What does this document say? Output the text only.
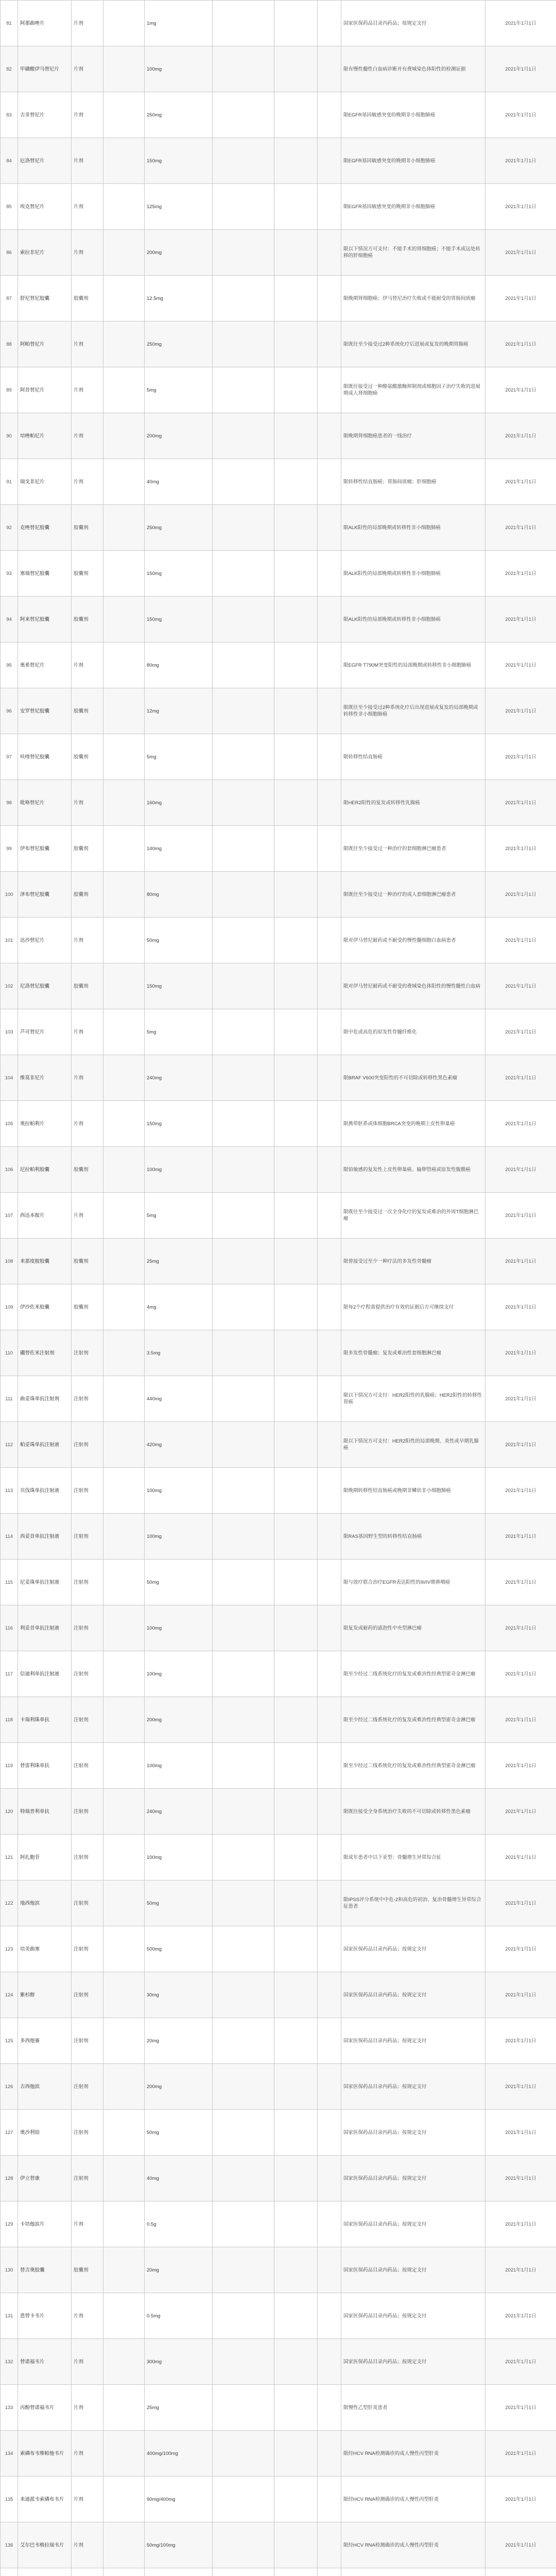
81	阿那曲唑片	片剂		1mg				国家医保药品目录内药品；按规定支付	2021年1月1日
82	甲磺酸伊马替尼片	片剂		100mg				限有慢性髓性白血病诊断并有费城染色体阳性的检测证据	2021年1月1日
83	吉非替尼片	片剂		250mg				限EGFR基因敏感突变的晚期非小细胞肺癌	2021年1月1日
84	厄洛替尼片	片剂		150mg				限EGFR基因敏感突变的晚期非小细胞肺癌	2021年1月1日
85	埃克替尼片	片剂		125mg				限EGFR基因敏感突变的晚期非小细胞肺癌	2021年1月1日
86	索拉非尼片	片剂		200mg				限以下情况方可支付：不能手术的肾细胞癌；不能手术或远处转移的肝细胞癌	2021年1月1日
87	舒尼替尼胶囊	胶囊剂		12.5mg				限晚期肾细胞癌；伊马替尼治疗失败或不能耐受的胃肠间质瘤	2021年1月1日
88	阿帕替尼片	片剂		250mg				限既往至少接受过2种系统化疗后进展或复发的晚期胃腺癌	2021年1月1日
89	阿昔替尼片	片剂		5mg				限既往接受过一种酪氨酸激酶抑制剂或细胞因子治疗失败的进展期成人肾细胞癌	2021年1月1日
90	培唑帕尼片	片剂		200mg				限晚期肾细胞癌患者的一线治疗	2021年1月1日
91	瑞戈非尼片	片剂		40mg				限转移性结直肠癌；胃肠间质瘤；肝细胞癌	2021年1月1日
92	克唑替尼胶囊	胶囊剂		250mg				限ALK阳性的局部晚期或转移性非小细胞肺癌	2021年1月1日
93	塞瑞替尼胶囊	胶囊剂		150mg				限ALK阳性的局部晚期或转移性非小细胞肺癌	2021年1月1日
94	阿来替尼胶囊	胶囊剂		150mg				限ALK阳性的局部晚期或转移性非小细胞肺癌	2021年1月1日
95	奥希替尼片	片剂		80mg				限EGFR T790M突变阳性的局部晚期或转移性非小细胞肺癌	2021年1月1日
96	安罗替尼胶囊	胶囊剂		12mg				限既往至少接受过2种系统化疗后出现进展或复发的局部晚期或转移性非小细胞肺癌	2021年1月1日
97	呋喹替尼胶囊	胶囊剂		5mg				限转移性结直肠癌	2021年1月1日
98	吡咯替尼片	片剂		160mg				限HER2阳性的复发或转移性乳腺癌	2021年1月1日
99	伊布替尼胶囊	胶囊剂		140mg				限既往至少接受过一种治疗的套细胞淋巴瘤患者	2021年1月1日
100	泽布替尼胶囊	胶囊剂		80mg				限既往至少接受过一种治疗的成人套细胞淋巴瘤患者	2021年1月1日
101	达沙替尼片	片剂		50mg				限对伊马替尼耐药或不耐受的慢性髓细胞白血病患者	2021年1月1日
102	尼洛替尼胶囊	胶囊剂		150mg				限对伊马替尼耐药或不耐受的费城染色体阳性的慢性髓性白血病	2021年1月1日
103	芦可替尼片	片剂		5mg				限中危或高危的原发性骨髓纤维化	2021年1月1日
104	维莫非尼片	片剂		240mg				限BRAF V600突变阳性的不可切除或转移性黑色素瘤	2021年1月1日
105	奥拉帕利片	片剂		150mg				限携带胚系或体细胞BRCA突变的晚期上皮性卵巢癌	2021年1月1日
106	尼拉帕利胶囊	胶囊剂		100mg				限铂敏感的复发性上皮性卵巢癌、输卵管癌或原发性腹膜癌	2021年1月1日
107	西达本胺片	片剂		5mg				限既往至少接受过一次全身化疗的复发或难治的外周T细胞淋巴瘤	2021年1月1日
108	来那度胺胶囊	胶囊剂		25mg				限曾接受过至少一种疗法的多发性骨髓瘤	2021年1月1日
109	伊沙佐米胶囊	胶囊剂		4mg				限每2个疗程需提供治疗有效的证据后方可继续支付	2021年1月1日
110	硼替佐米注射剂	注射剂		3.5mg				限多发性骨髓瘤；复发或难治性套细胞淋巴瘤	2021年1月1日
111	曲妥珠单抗注射剂	注射剂		440mg				限以下情况方可支付：HER2阳性的乳腺癌；HER2阳性的转移性胃癌	2021年1月1日
112	帕妥珠单抗注射液	注射剂		420mg				限以下情况方可支付：HER2阳性的局部晚期、炎性或早期乳腺癌	2021年1月1日
113	贝伐珠单抗注射液	注射剂		100mg				限晚期转移性结直肠癌或晚期非鳞状非小细胞肺癌	2021年1月1日
114	西妥昔单抗注射液	注射剂		100mg				限RAS基因野生型的转移性结直肠癌	2021年1月1日
115	尼妥珠单抗注射液	注射剂		50mg				限与放疗联合治疗EGFR表达阳性的III/IV期鼻咽癌	2021年1月1日
116	利妥昔单抗注射液	注射剂		100mg				限复发或耐药的滤泡性中央型淋巴瘤	2021年1月1日
117	信迪利单抗注射液	注射剂		100mg				限至少经过二线系统化疗的复发或难治性经典型霍奇金淋巴瘤	2021年1月1日
118	卡瑞利珠单抗	注射剂		200mg				限至少经过二线系统化疗的复发或难治性经典型霍奇金淋巴瘤	2021年1月1日
119	替雷利珠单抗	注射剂		100mg				限至少经过二线系统化疗的复发或难治性经典型霍奇金淋巴瘤	2021年1月1日
120	特瑞普利单抗	注射剂		240mg				限既往接受全身系统治疗失败的不可切除或转移性黑色素瘤	2021年1月1日
121	阿扎胞苷	注射剂		100mg				限成年患者中以下亚型：骨髓增生异常综合征	2021年1月1日
122	地西他滨	注射剂		50mg				限IPSS评分系统中中危-2和高危的初治、复治骨髓增生异常综合征患者	2021年1月1日
123	培美曲塞	注射剂		500mg				国家医保药品目录内药品；按规定支付	2021年1月1日
124	紫杉醇	注射剂		30mg				国家医保药品目录内药品；按规定支付	2021年1月1日
125	多西他赛	注射剂		20mg				国家医保药品目录内药品；按规定支付	2021年1月1日
126	吉西他滨	注射剂		200mg				国家医保药品目录内药品；按规定支付	2021年1月1日
127	奥沙利铂	注射剂		50mg				国家医保药品目录内药品；按规定支付	2021年1月1日
128	伊立替康	注射剂		40mg				国家医保药品目录内药品；按规定支付	2021年1月1日
129	卡培他滨片	片剂		0.5g				国家医保药品目录内药品；按规定支付	2021年1月1日
130	替吉奥胶囊	胶囊剂		20mg				国家医保药品目录内药品；按规定支付	2021年1月1日
131	恩替卡韦片	片剂		0.5mg				国家医保药品目录内药品；按规定支付	2021年1月1日
132	替诺福韦片	片剂		300mg				国家医保药品目录内药品；按规定支付	2021年1月1日
133	丙酚替诺福韦片	片剂		25mg				限慢性乙型肝炎患者	2021年1月1日
134	索磷布韦维帕他韦片	片剂		400mg/100mg				限经HCV RNA检测确诊的成人慢性丙型肝炎	2021年1月1日
135	来迪派韦索磷布韦片	片剂		90mg/400mg				限经HCV RNA检测确诊的成人慢性丙型肝炎	2021年1月1日
136	艾尔巴韦格拉瑞韦片	片剂		50mg/100mg				限经HCV RNA检测确诊的成人慢性丙型肝炎	2021年1月1日
